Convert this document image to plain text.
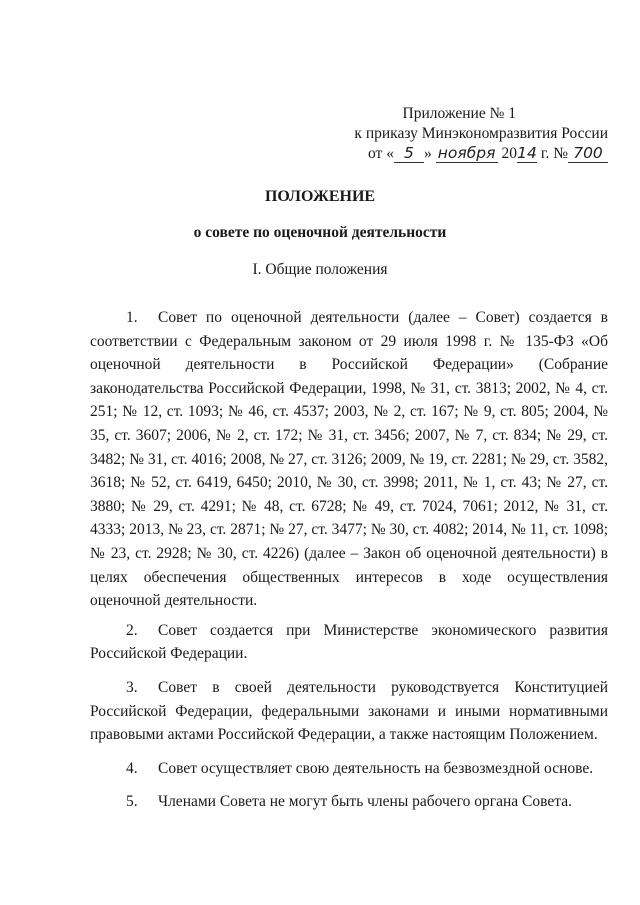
Приложение № 1
к приказу Минэкономразвития России
от « 5 » ноября 2014 г. № 700
ПОЛОЖЕНИЕ
о совете по оценочной деятельности
I. Общие положения

1. Совет по оценочной деятельности (далее – Совет) создается в соответствии с Федеральным законом от 29 июля 1998 г. № 135-ФЗ «Об оценочной деятельности в Российской Федерации» (Собрание законодательства Российской Федерации, 1998, № 31, ст. 3813; 2002, № 4, ст. 251; № 12, ст. 1093; № 46, ст. 4537; 2003, № 2, ст. 167; № 9, ст. 805; 2004, № 35, ст. 3607; 2006, № 2, ст. 172; № 31, ст. 3456; 2007, № 7, ст. 834; № 29, ст. 3482; № 31, ст. 4016; 2008, № 27, ст. 3126; 2009, № 19, ст. 2281; № 29, ст. 3582, 3618; № 52, ст. 6419, 6450; 2010, № 30, ст. 3998; 2011, № 1, ст. 43; № 27, ст. 3880; № 29, ст. 4291; № 48, ст. 6728; № 49, ст. 7024, 7061; 2012, № 31, ст. 4333; 2013, № 23, ст. 2871; № 27, ст. 3477; № 30, ст. 4082; 2014, № 11, ст. 1098; № 23, ст. 2928; № 30, ст. 4226) (далее – Закон об оценочной деятельности) в целях обеспечения общественных интересов в ходе осуществления оценочной деятельности.

2. Совет создается при Министерстве экономического развития Российской Федерации.

3. Совет в своей деятельности руководствуется Конституцией Российской Федерации, федеральными законами и иными нормативными правовыми актами Российской Федерации, а также настоящим Положением.

4. Совет осуществляет свою деятельность на безвозмездной основе.

5. Членами Совета не могут быть члены рабочего органа Совета.
